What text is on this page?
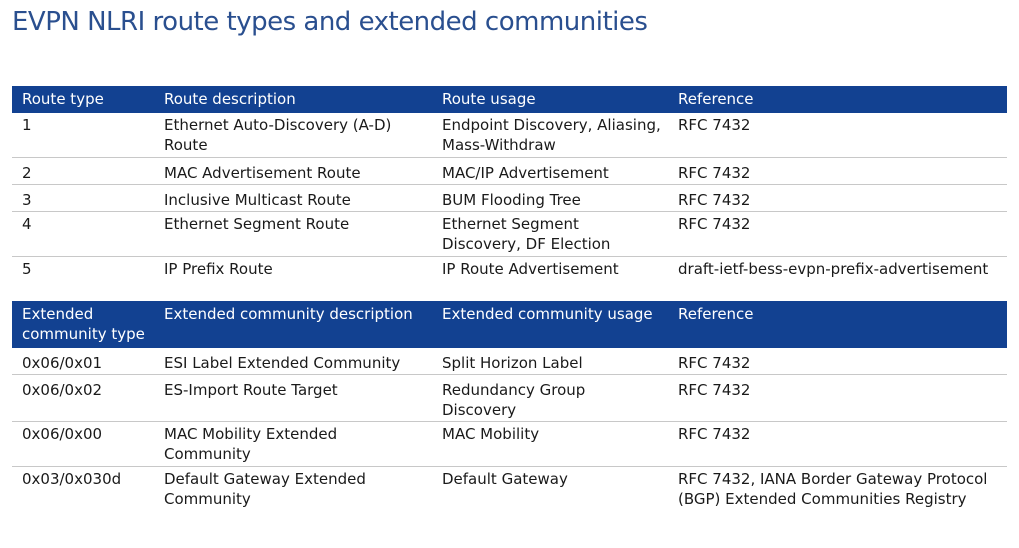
EVPN NLRI route types and extended communities
Route type	Route description	Route usage	Reference
1	Ethernet Auto-Discovery (A-D) Route	Endpoint Discovery, Aliasing, Mass-Withdraw	RFC 7432
2	MAC Advertisement Route	MAC/IP Advertisement	RFC 7432
3	Inclusive Multicast Route	BUM Flooding Tree	RFC 7432
4	Ethernet Segment Route	Ethernet Segment Discovery, DF Election	RFC 7432
5	IP Prefix Route	IP Route Advertisement	draft-ietf-bess-evpn-prefix-advertisement
Extended community type	Extended community description	Extended community usage	Reference
0x06/0x01	ESI Label Extended Community	Split Horizon Label	RFC 7432
0x06/0x02	ES-Import Route Target	Redundancy Group Discovery	RFC 7432
0x06/0x00	MAC Mobility Extended Community	MAC Mobility	RFC 7432
0x03/0x030d	Default Gateway Extended Community	Default Gateway	RFC 7432, IANA Border Gateway Protocol (BGP) Extended Communities Registry
